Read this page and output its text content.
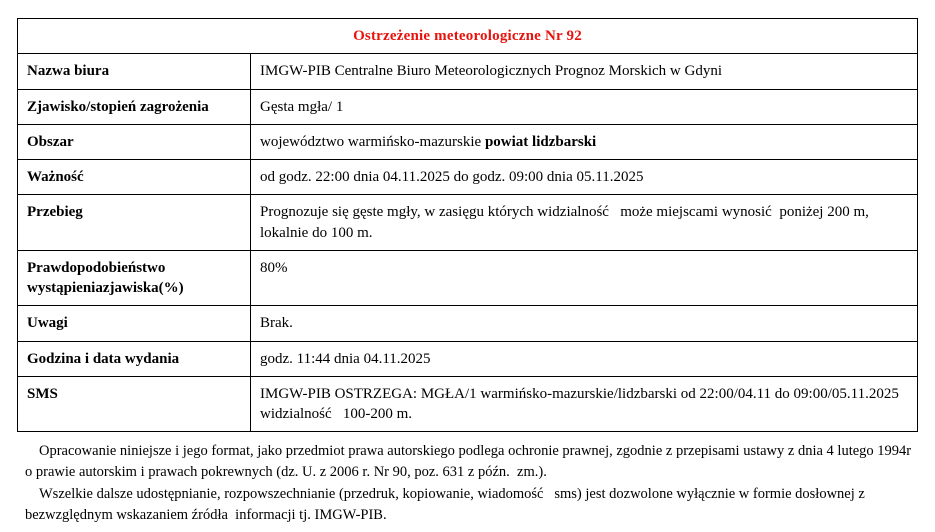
Ostrzeżenie meteorologiczne Nr 92	
Nazwa biura	IMGW-PIB Centralne Biuro Meteorologicznych Prognoz Morskich w Gdyni
Zjawisko/stopień zagrożenia	Gęsta mgła/ 1
Obszar	województwo warmińsko-mazurskie powiat lidzbarski
Ważność	od godz. 22:00 dnia 04.11.2025 do godz. 09:00 dnia 05.11.2025
Przebieg	Prognozuje się gęste mgły, w zasięgu których widzialność   może miejscami wynosić  poniżej 200 m, lokalnie do 100 m.
Prawdopodobieństwo wystąpieniazjawiska(%)	80%
Uwagi	Brak.
Godzina i data wydania	godz. 11:44 dnia 04.11.2025
SMS	IMGW-PIB OSTRZEGA: MGŁA/1 warmińsko-mazurskie/lidzbarski od 22:00/04.11 do 09:00/05.11.2025 widzialność   100-200 m.

Opracowanie niniejsze i jego format, jako przedmiot prawa autorskiego podlega ochronie prawnej, zgodnie z przepisami ustawy z dnia 4 lutego 1994r o prawie autorskim i prawach pokrewnych (dz. U. z 2006 r. Nr 90, poz. 631 z późn.  zm.).

Wszelkie dalsze udostępnianie, rozpowszechnianie (przedruk, kopiowanie, wiadomość   sms) jest dozwolone wyłącznie w formie dosłownej z bezwzględnym wskazaniem źródła  informacji tj. IMGW-PIB.
